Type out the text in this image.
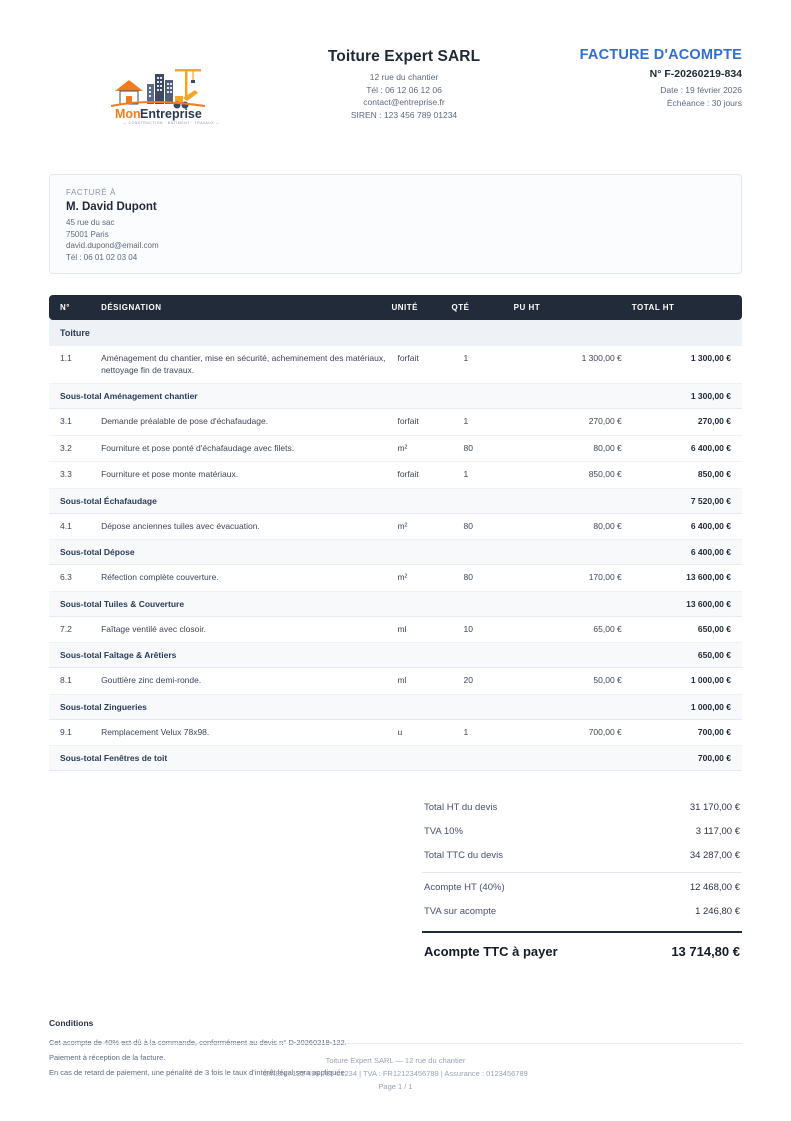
Mon Entreprise
— CONSTRUCTION · BÂTIMENT · TRAVAUX —
Toiture Expert SARL
12 rue du chantier
Tél : 06 12 06 12 06
contact@entreprise.fr
SIREN : 123 456 789 01234
FACTURE D'ACOMPTE
N° F-20260219-834
Date : 19 février 2026
Échéance : 30 jours
FACTURÉ À
M. David Dupont
45 rue du sac
75001 Paris
david.dupond@email.com
Tél : 06 01 02 03 04
N°	DÉSIGNATION	UNITÉ	QTÉ	PU HT	TOTAL HT
Toiture					
1.1	Aménagement du chantier, mise en sécurité, acheminement des matériaux, nettoyage fin de travaux.	forfait	1	1 300,00 €	1 300,00 €
Sous-total Aménagement chantier					1 300,00 €
3.1	Demande préalable de pose d'échafaudage.	forfait	1	270,00 €	270,00 €
3.2	Fourniture et pose ponté d'échafaudage avec filets.	m²	80	80,00 €	6 400,00 €
3.3	Fourniture et pose monte matériaux.	forfait	1	850,00 €	850,00 €
Sous-total Échafaudage					7 520,00 €
4.1	Dépose anciennes tuiles avec évacuation.	m²	80	80,00 €	6 400,00 €
Sous-total Dépose					6 400,00 €
6.3	Réfection complète couverture.	m²	80	170,00 €	13 600,00 €
Sous-total Tuiles & Couverture					13 600,00 €
7.2	Faîtage ventilé avec closoir.	ml	10	65,00 €	650,00 €
Sous-total Faîtage & Arêtiers					650,00 €
8.1	Gouttière zinc demi-ronde.	ml	20	50,00 €	1 000,00 €
Sous-total Zingueries					1 000,00 €
9.1	Remplacement Velux 78x98.	u	1	700,00 €	700,00 €
Sous-total Fenêtres de toit					700,00 €
Total HT du devis	31 170,00 €
TVA 10%	3 117,00 €
Total TTC du devis	34 287,00 €
Acompte HT (40%)	12 468,00 €
TVA sur acompte	1 246,80 €
Acompte TTC à payer	13 714,80 €
Conditions
Cet acompte de 40% est dû à la commande, conformément au devis n° D-20260218-122.
Paiement à réception de la facture.
En cas de retard de paiement, une pénalité de 3 fois le taux d'intérêt légal sera appliquée.
Toiture Expert SARL — 12 rue du chantier
SIREN : 123 456 789 01234 | TVA : FR12123456789 | Assurance : 0123456789
Page 1 / 1
